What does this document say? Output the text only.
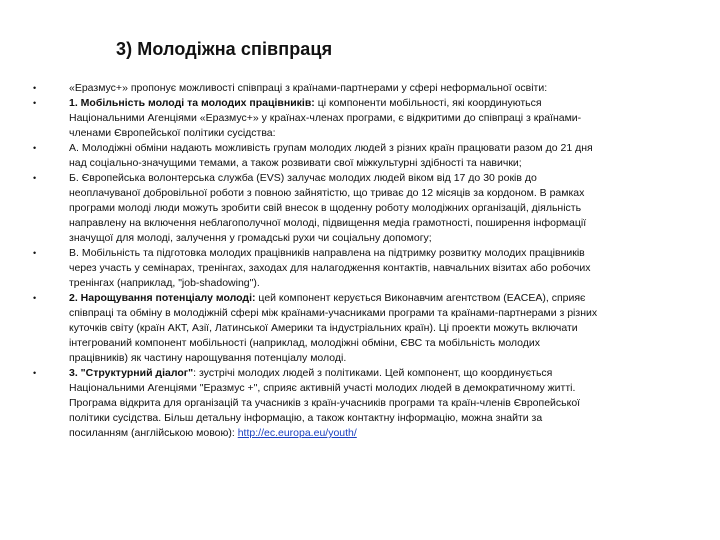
3) Молодіжна співпраця
•	«Еразмус+» пропонує можливості співпраці з країнами-партнерами у сфері неформальної освіти:
•	1. Мобільність молоді та молодих працівників: ці компоненти мобільності, які координуються
Національними Агенціями «Еразмус+» у країнах-членах програми, є відкритими до співпраці з країнами-
членами Європейської політики сусідства:
•	А. Молодіжні обміни надають можливість групам молодих людей з різних країн працювати разом до 21 дня
над соціально-значущими темами, а також розвивати свої міжкультурні здібності та навички;
•	Б. Європейська волонтерська служба (EVS) залучає молодих людей віком від 17 до 30 років до
неоплачуваної добровільної роботи з повною зайнятістю, що триває до 12 місяців за кордоном. В рамках
програми молоді люди можуть зробити свій внесок в щоденну роботу молодіжних організацій, діяльність
направлену на включення неблагополучної молоді, підвищення медіа грамотності, поширення інформації
значущої для молоді, залучення у громадські рухи чи соціальну допомогу;
•	В. Мобільність та підготовка молодих працівників направлена на підтримку розвитку молодих працівників
через участь у семінарах, тренінгах, заходах для налагодження контактів, навчальних візитах або робочих
тренінгах (наприклад, "job-shadowing").
•	2. Нарощування потенціалу молоді: цей компонент керується Виконавчим агентством (EACEA), сприяє
співпраці та обміну в молодіжній сфері між країнами-учасниками програми та країнами-партнерами з різних
куточків світу (країн АКТ, Азії, Латинської Америки та індустріальних країн). Ці проекти можуть включати
інтегрований компонент мобільності (наприклад, молодіжні обміни, ЄВС та мобільність молодих
працівників) як частину нарощування потенціалу молоді.
•	3. "Структурний діалог": зустрічі молодих людей з політиками. Цей компонент, що координується
Національними Агенціями "Еразмус +", сприяє активній участі молодих людей в демократичному житті.
Програма відкрита для організацій та учасників з країн-учасників програми та країн-членів Європейської
політики сусідства. Більш детальну інформацію, а також контактну інформацію, можна знайти за
посиланням (англійською мовою): http://ec.europa.eu/youth/
